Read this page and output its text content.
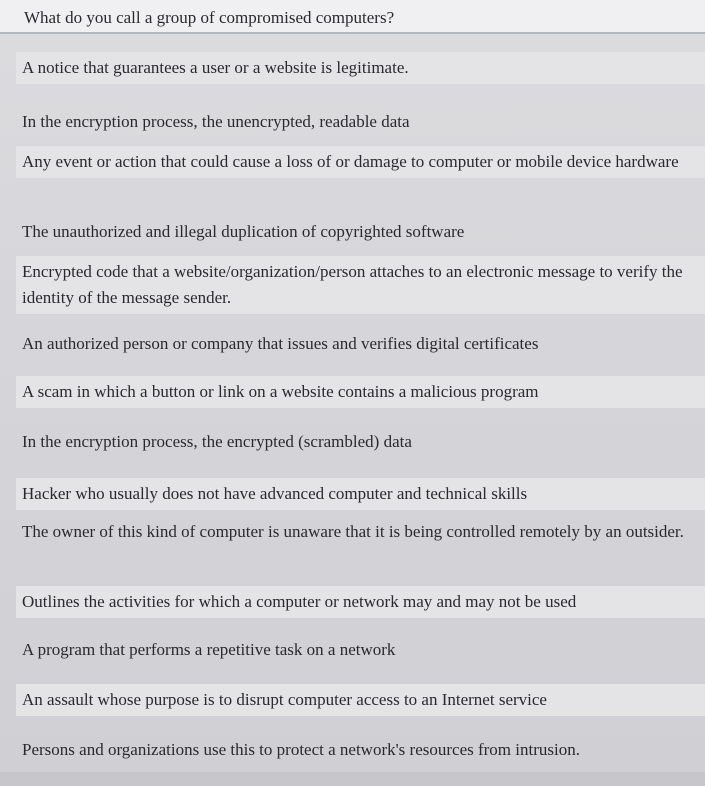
What do you call a group of compromised computers?
A notice that guarantees a user or a website is legitimate.
In the encryption process, the unencrypted, readable data
Any event or action that could cause a loss of or damage to computer or mobile device hardware
The unauthorized and illegal duplication of copyrighted software
Encrypted code that a website/organization/person attaches to an electronic message to verify the identity of the message sender.
An authorized person or company that issues and verifies digital certificates
A scam in which a button or link on a website contains a malicious program
In the encryption process, the encrypted (scrambled) data
Hacker who usually does not have advanced computer and technical skills
The owner of this kind of computer is unaware that it is being controlled remotely by an outsider.
Outlines the activities for which a computer or network may and may not be used
A program that performs a repetitive task on a network
An assault whose purpose is to disrupt computer access to an Internet service
Persons and organizations use this to protect a network's resources from intrusion.
